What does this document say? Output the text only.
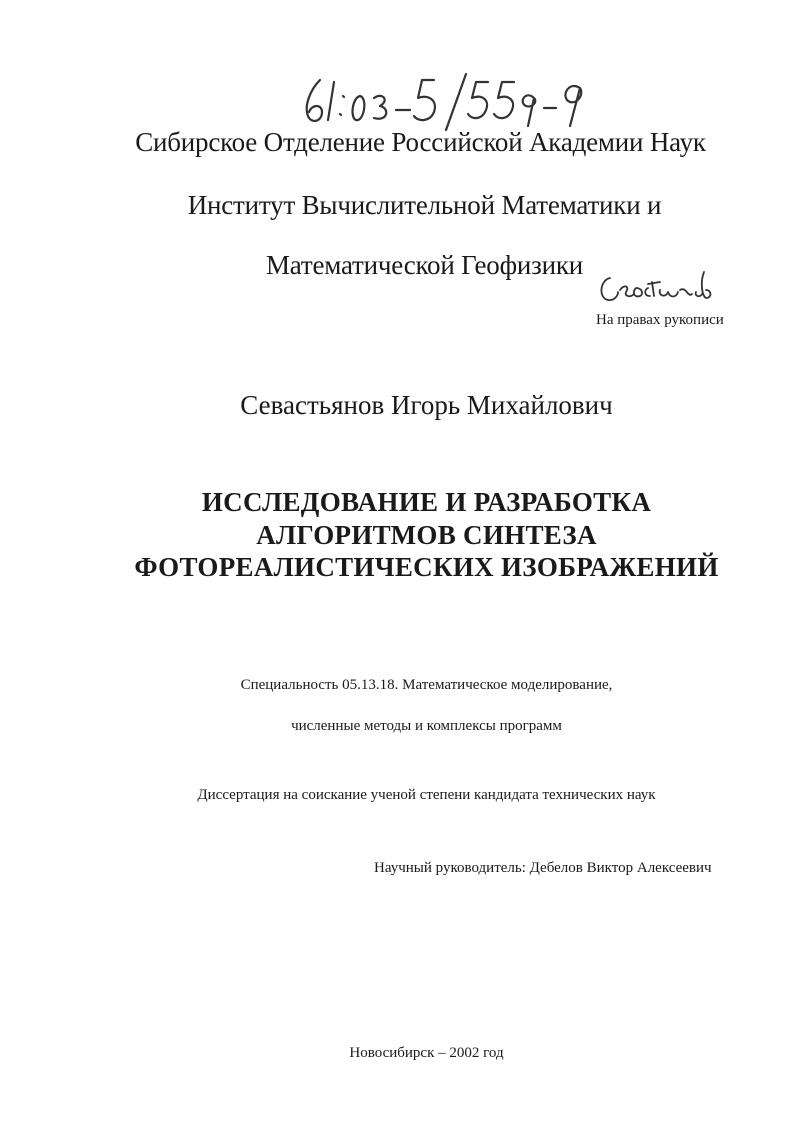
Сибирское Отделение Российской Академии Наук
Институт Вычислительной Математики и
Математической Геофизики
На правах рукописи
Севастьянов Игорь Михайлович
ИССЛЕДОВАНИЕ И РАЗРАБОТКА
АЛГОРИТМОВ СИНТЕЗА
ФОТОРЕАЛИСТИЧЕСКИХ ИЗОБРАЖЕНИЙ
Специальность 05.13.18. Математическое моделирование,
численные методы и комплексы программ
Диссертация на соискание ученой степени кандидата технических наук
Научный руководитель: Дебелов Виктор Алексеевич
Новосибирск – 2002 год
